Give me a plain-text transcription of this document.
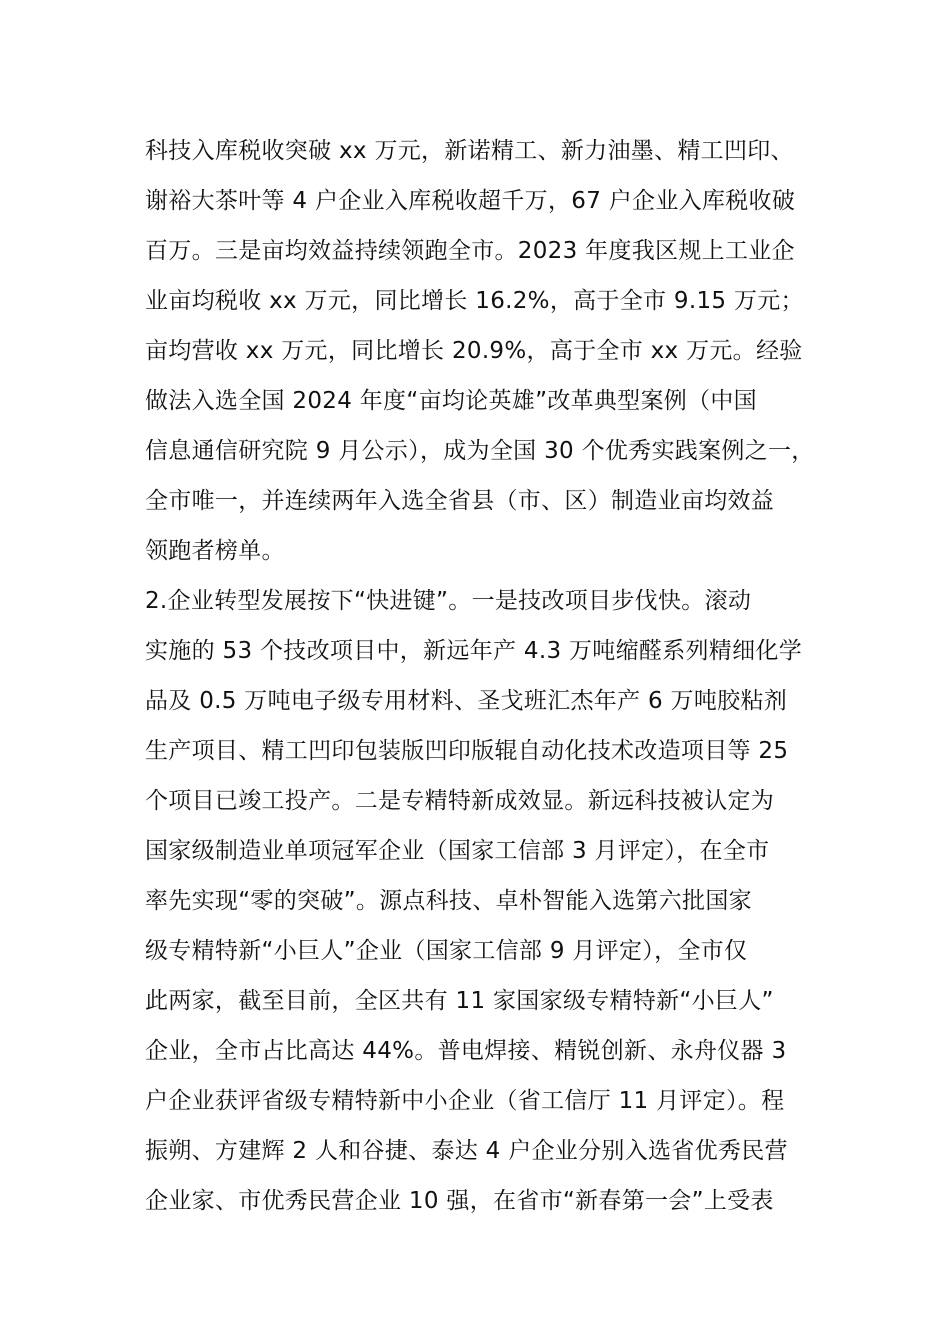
科技入库税收突破 xx 万元，新诺精工、新力油墨、精工凹印、
谢裕大茶叶等 4 户企业入库税收超千万，67 户企业入库税收破
百万。三是亩均效益持续领跑全市。2023 年度我区规上工业企
业亩均税收 xx 万元，同比增长 16.2%，高于全市 9.15 万元；
亩均营收 xx 万元，同比增长 20.9%，高于全市 xx 万元。经验
做法入选全国 2024 年度“亩均论英雄”改革典型案例（中国
信息通信研究院 9 月公示），成为全国 30 个优秀实践案例之一，
全市唯一，并连续两年入选全省县（市、区）制造业亩均效益
领跑者榜单。
2.企业转型发展按下“快进键”。一是技改项目步伐快。滚动
实施的 53 个技改项目中，新远年产 4.3 万吨缩醛系列精细化学
品及 0.5 万吨电子级专用材料、圣戈班汇杰年产 6 万吨胶粘剂
生产项目、精工凹印包装版凹印版辊自动化技术改造项目等 25
个项目已竣工投产。二是专精特新成效显。新远科技被认定为
国家级制造业单项冠军企业（国家工信部 3 月评定），在全市
率先实现“零的突破”。源点科技、卓朴智能入选第六批国家
级专精特新“小巨人”企业（国家工信部 9 月评定），全市仅
此两家，截至目前，全区共有 11 家国家级专精特新“小巨人”
企业，全市占比高达 44%。普电焊接、精锐创新、永舟仪器 3
户企业获评省级专精特新中小企业（省工信厅 11 月评定）。程
振朔、方建辉 2 人和谷捷、泰达 4 户企业分别入选省优秀民营
企业家、市优秀民营企业 10 强，在省市“新春第一会”上受表
